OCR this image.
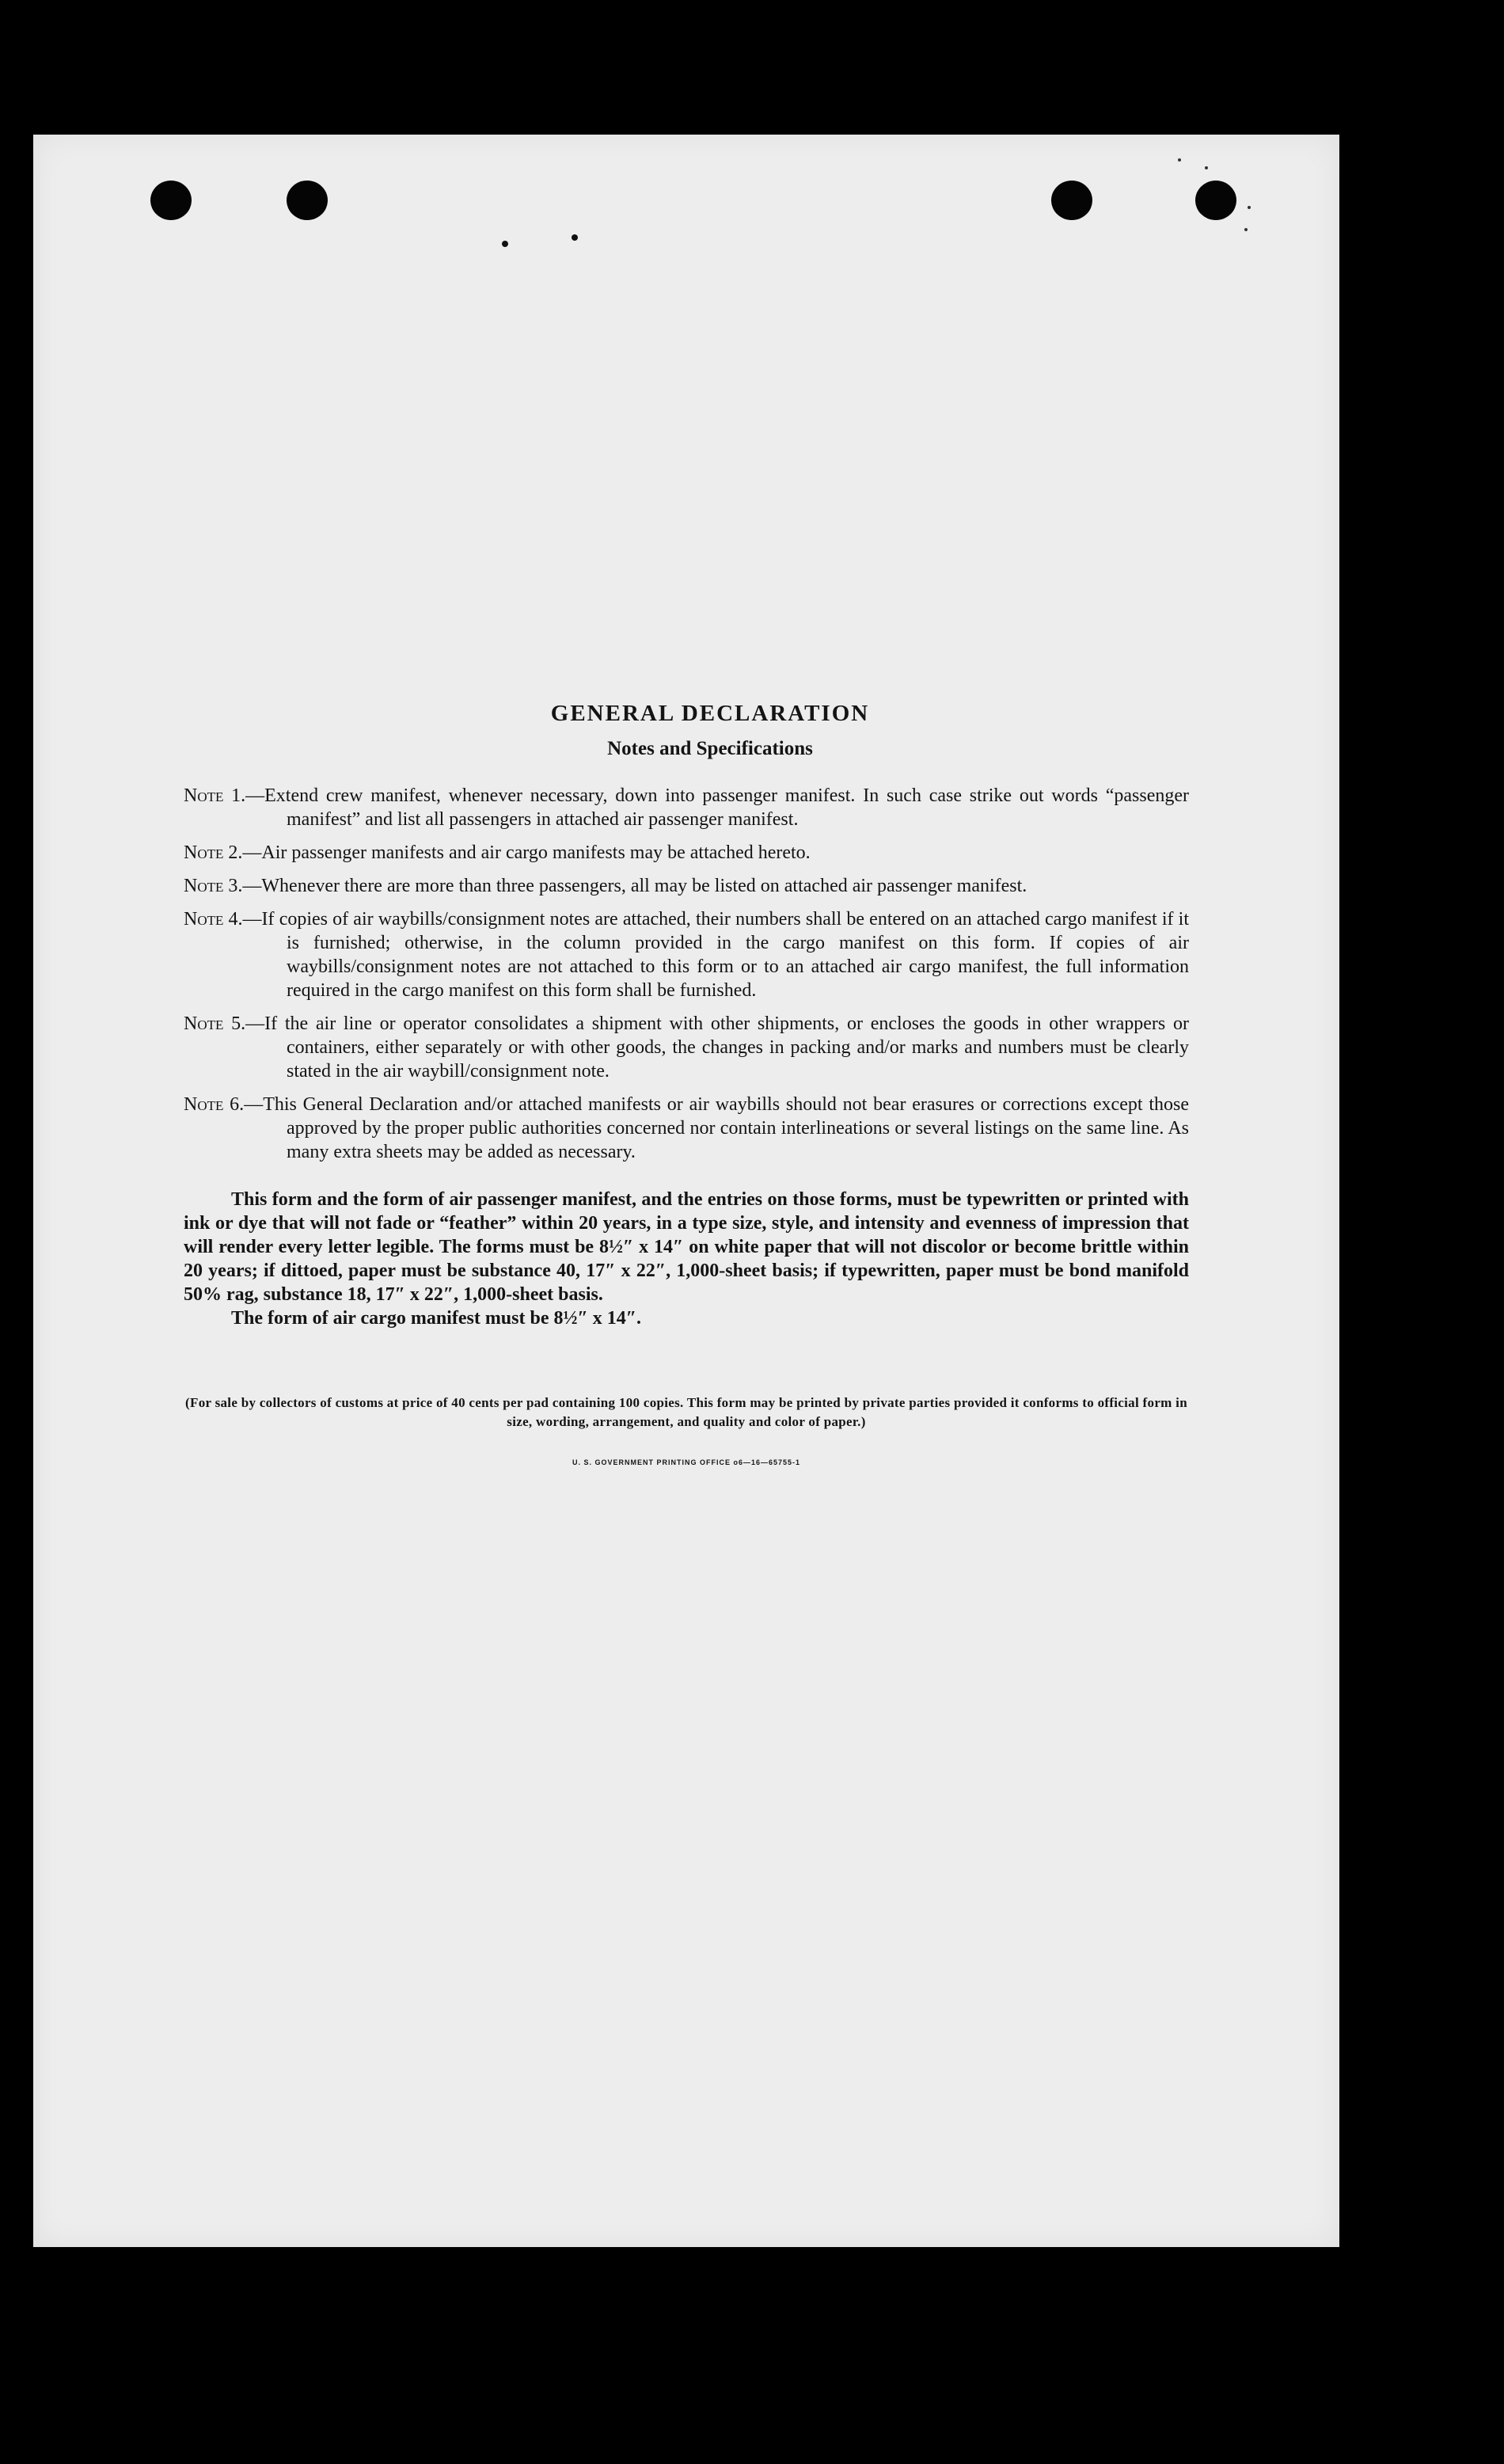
GENERAL DECLARATION
Notes and Specifications
Note 1.—Extend crew manifest, whenever necessary, down into passenger manifest. In such case strike out words “passenger manifest” and list all passengers in attached air passenger manifest.
Note 2.—Air passenger manifests and air cargo manifests may be attached hereto.
Note 3.—Whenever there are more than three passengers, all may be listed on attached air passenger manifest.
Note 4.—If copies of air waybills/consignment notes are attached, their numbers shall be entered on an attached cargo manifest if it is furnished; otherwise, in the column provided in the cargo manifest on this form. If copies of air waybills/consignment notes are not attached to this form or to an attached air cargo manifest, the full information required in the cargo manifest on this form shall be furnished.
Note 5.—If the air line or operator consolidates a shipment with other shipments, or encloses the goods in other wrappers or containers, either separately or with other goods, the changes in packing and/or marks and numbers must be clearly stated in the air waybill/consignment note.
Note 6.—This General Declaration and/or attached manifests or air waybills should not bear erasures or corrections except those approved by the proper public authorities concerned nor contain interlineations or several listings on the same line. As many extra sheets may be added as necessary.

This form and the form of air passenger manifest, and the entries on those forms, must be typewritten or printed with ink or dye that will not fade or “feather” within 20 years, in a type size, style, and intensity and evenness of impression that will render every letter legible. The forms must be 8½″ x 14″ on white paper that will not discolor or become brittle within 20 years; if dittoed, paper must be substance 40, 17″ x 22″, 1,000-sheet basis; if typewritten, paper must be bond manifold 50% rag, substance 18, 17″ x 22″, 1,000-sheet basis.

The form of air cargo manifest must be 8½″ x 14″.

(For sale by collectors of customs at price of 40 cents per pad containing 100 copies. This form may be printed by private parties provided it conforms to official form in size, wording, arrangement, and quality and color of paper.)
U. S. GOVERNMENT PRINTING OFFICE o6—16—65755-1
